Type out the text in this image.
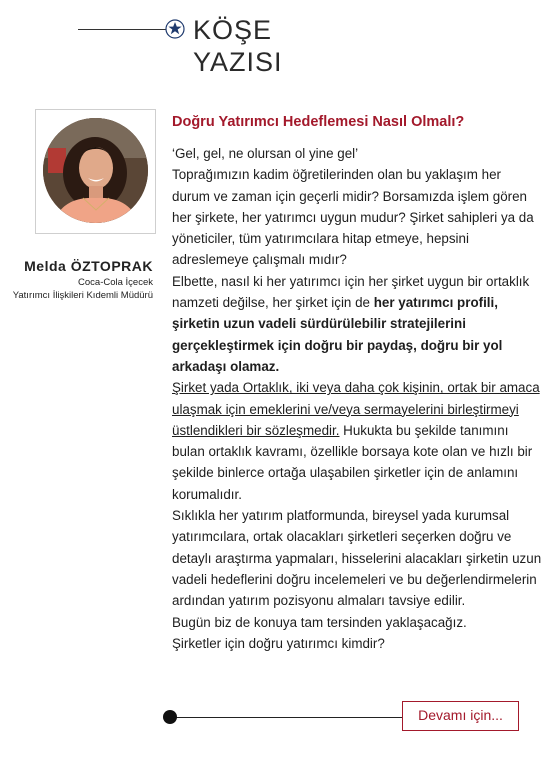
KÖŞE
YAZISI
Melda ÖZTOPRAK
Coca-Cola İçecek
Yatırımcı İlişkileri Kıdemli Müdürü
Doğru Yatırımcı Hedeflemesi Nasıl Olmalı?

‘Gel, gel, ne olursan ol yine gel’

Toprağımızın kadim öğretilerinden olan bu yaklaşım her durum ve zaman için geçerli midir? Borsamızda işlem gören her şirkete, her yatırımcı uygun mudur? Şirket sahipleri ya da yöneticiler, tüm yatırımcılara hitap etmeye, hepsini adreslemeye çalışmalı mıdır?

Elbette, nasıl ki her yatırımcı için her şirket uygun bir ortaklık namzeti değilse, her şirket için de her yatırımcı profili, şirketin uzun vadeli sürdürülebilir stratejilerini gerçekleştirmek için doğru bir paydaş, doğru bir yol arkadaşı olamaz.

Şirket yada Ortaklık, iki veya daha çok kişinin, ortak bir amaca ulaşmak için emeklerini ve/veya sermayelerini birleştirmeyi üstlendikleri bir sözleşmedir. Hukukta bu şekilde tanımını bulan ortaklık kavramı, özellikle borsaya kote olan ve hızlı bir şekilde binlerce ortağa ulaşabilen şirketler için de anlamını korumalıdır.

Sıklıkla her yatırım platformunda, bireysel yada kurumsal yatırımcılara, ortak olacakları şirketleri seçerken doğru ve detaylı araştırma yapmaları, hisselerini alacakları şirketin uzun vadeli hedeflerini doğru incelemeleri ve bu değerlendirmelerin ardından yatırım pozisyonu almaları tavsiye edilir.

Bugün biz de konuya tam tersinden yaklaşacağız.

Şirketler için doğru yatırımcı kimdir?

Devamı için...
